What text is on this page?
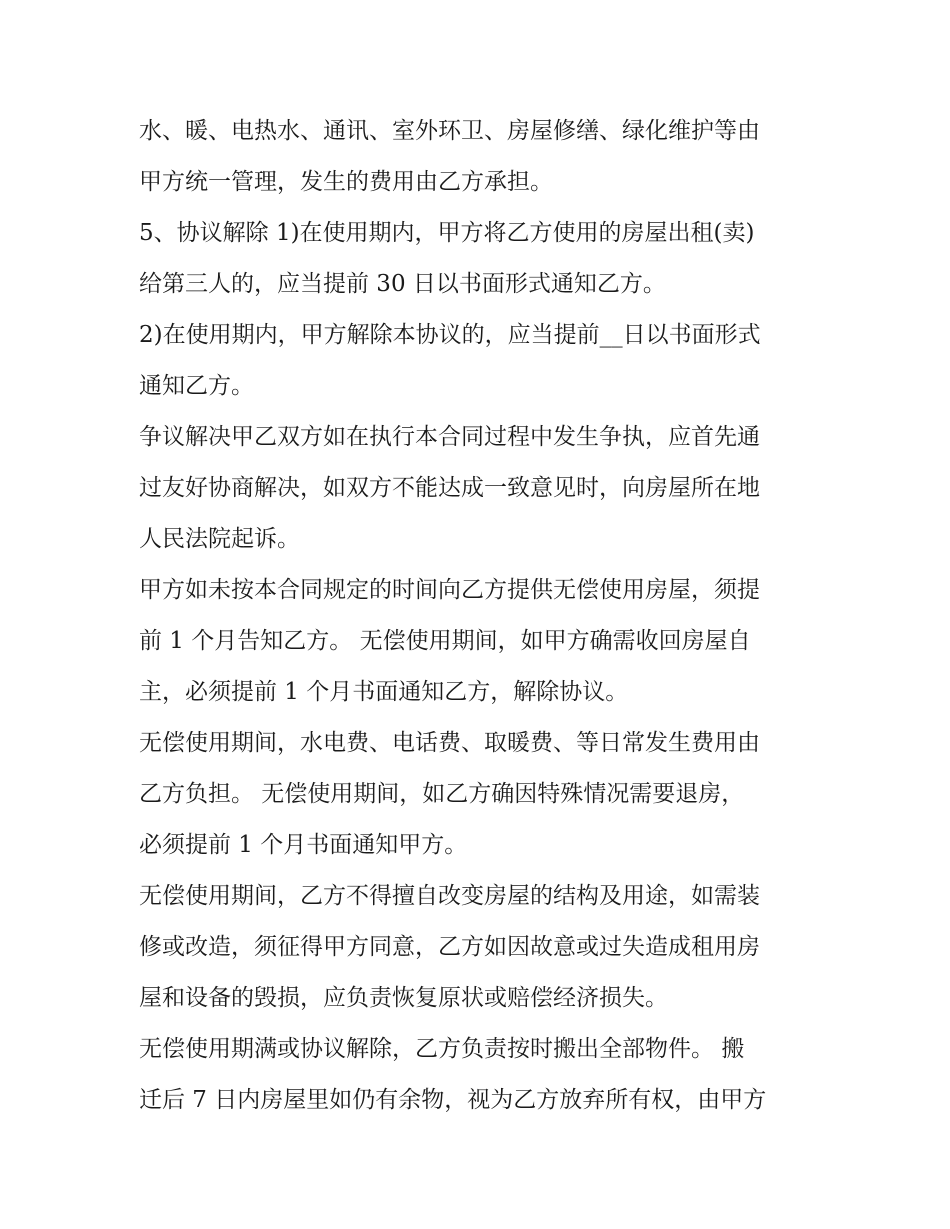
水、暖、电热水、通讯、室外环卫、房屋修缮、绿化维护等由
甲方统一管理，发生的费用由乙方承担。
5、协议解除 1)在使用期内，甲方将乙方使用的房屋出租(卖)
给第三人的，应当提前 30 日以书面形式通知乙方。
2)在使用期内，甲方解除本协议的，应当提前__日以书面形式
通知乙方。
争议解决甲乙双方如在执行本合同过程中发生争执，应首先通
过友好协商解决，如双方不能达成一致意见时，向房屋所在地
人民法院起诉。
甲方如未按本合同规定的时间向乙方提供无偿使用房屋，须提
前 1 个月告知乙方。 无偿使用期间，如甲方确需收回房屋自
主，必须提前 1 个月书面通知乙方，解除协议。
无偿使用期间，水电费、电话费、取暖费、等日常发生费用由
乙方负担。 无偿使用期间，如乙方确因特殊情况需要退房，
必须提前 1 个月书面通知甲方。
无偿使用期间，乙方不得擅自改变房屋的结构及用途，如需装
修或改造，须征得甲方同意，乙方如因故意或过失造成租用房
屋和设备的毁损，应负责恢复原状或赔偿经济损失。
无偿使用期满或协议解除，乙方负责按时搬出全部物件。 搬
迁后 7 日内房屋里如仍有余物，视为乙方放弃所有权，由甲方
